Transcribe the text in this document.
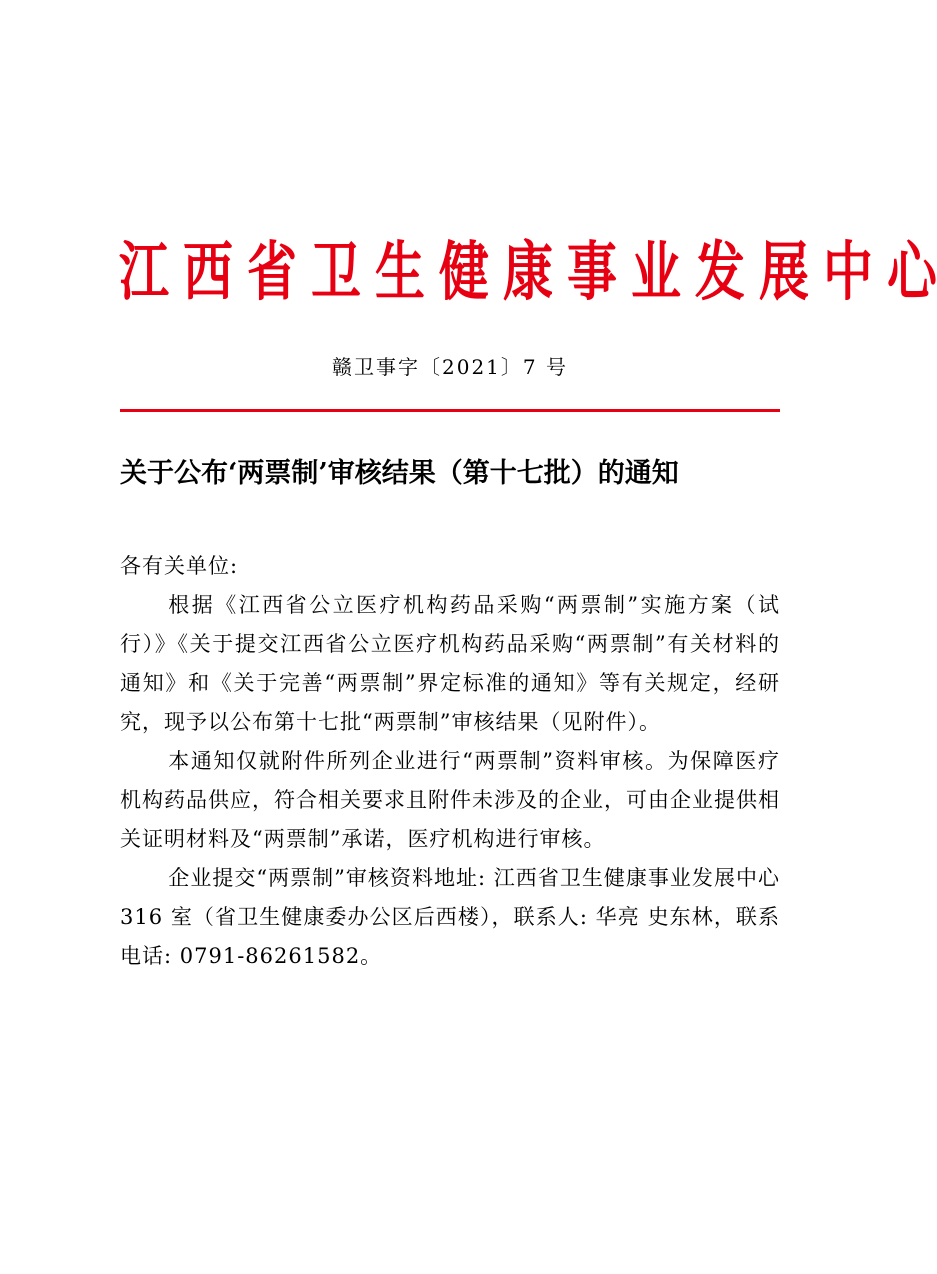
江 西 省 卫 生 健 康 事 业 发 展 中 心
赣卫事字〔2021〕7 号
关于公布‘两票制’审核结果（第十七批）的通知

各有关单位:

根据《江西省公立医疗机构药品采购“两票制”实施方案（试行）》《关于提交江西省公立医疗机构药品采购“两票制”有关材料的通知》和《关于完善“两票制”界定标准的通知》等有关规定，经研究，现予以公布第十七批“两票制”审核结果（见附件）。

本通知仅就附件所列企业进行“两票制”资料审核。为保障医疗机构药品供应，符合相关要求且附件未涉及的企业，可由企业提供相关证明材料及“两票制”承诺，医疗机构进行审核。

企业提交“两票制”审核资料地址: 江西省卫生健康事业发展中心 316 室（省卫生健康委办公区后西楼），联系人: 华亮 史东林，联系电话: 0791-86261582。
